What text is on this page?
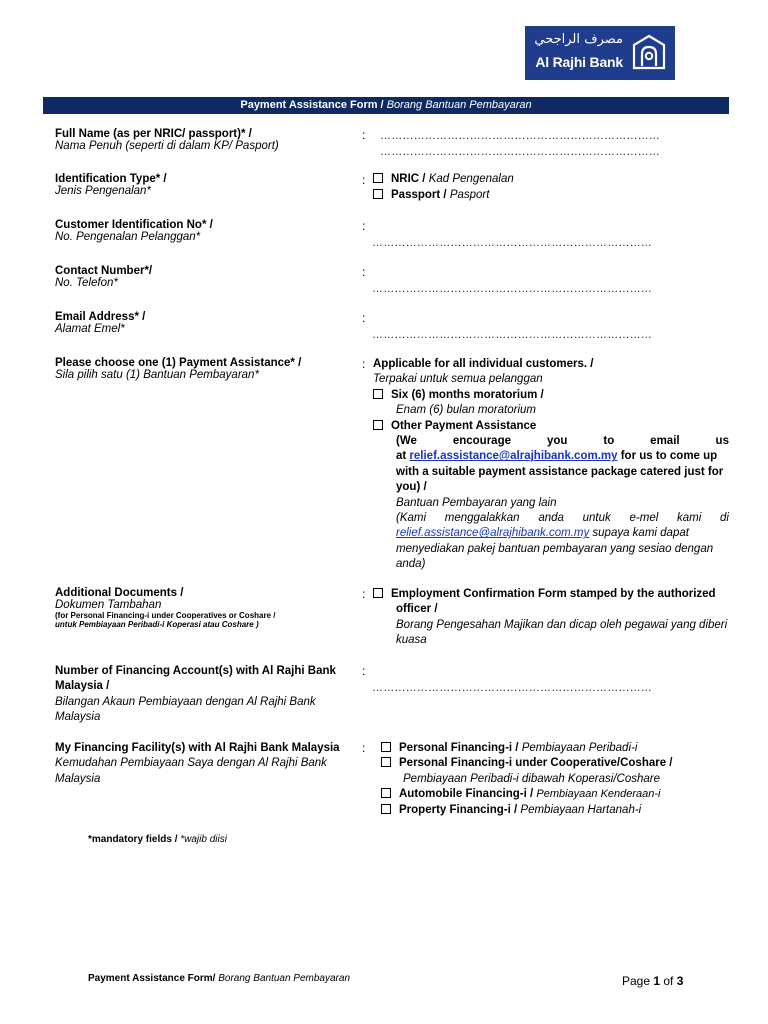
مصرف الراجحي
Al Rajhi Bank
Payment Assistance Form / Borang Bantuan Pembayaran
Full Name (as per NRIC/ passport)* /
Nama Penuh (seperti di dalam KP/ Pasport)
: …………………………………………………………………
…………………………………………………………………
Identification Type* /
Jenis Pengenalan*
:	NRIC / Kad Pengenalan
Passport / Pasport
Customer Identification No* /
No. Pengenalan Pelanggan*
:
…………………………………………………………………
Contact Number*/
No. Telefon*
:
…………………………………………………………………
Email Address* /
Alamat Emel*
:
…………………………………………………………………
Please choose one (1) Payment Assistance* /
Sila pilih satu (1) Bantuan Pembayaran*
: Applicable for all individual customers. /
Terpakai untuk semua pelanggan
Six (6) months moratorium /
Enam (6) bulan moratorium
Other Payment Assistance
(We	encourage	you	to	email	us
at relief.assistance@alrajhibank.com.my for us to come up
with a suitable payment assistance package catered just for
you) /
Bantuan Pembayaran yang lain
(Kami menggalakkan anda untuk e-mel kami di
relief.assistance@alrajhibank.com.my supaya kami dapat
menyediakan pakej bantuan pembayaran yang sesiao dengan
anda)
Additional Documents /
Dokumen Tambahan
(for Personal Financing-i under Cooperatives or Coshare /
untuk Pembiayaan Peribadi-i Koperasi atau Coshare )
:	Employment Confirmation Form stamped by the authorized
officer /
Borang Pengesahan Majikan dan dicap oleh pegawai yang diberi
kuasa
Number of Financing Account(s) with Al Rajhi Bank
Malaysia /
Bilangan Akaun Pembiayaan dengan Al Rajhi Bank
Malaysia
:
…………………………………………………………………
My Financing Facility(s) with Al Rajhi Bank Malaysia
Kemudahan Pembiayaan Saya dengan Al Rajhi Bank
Malaysia
:	Personal Financing-i / Pembiayaan Peribadi-i
Personal Financing-i under Cooperative/Coshare /
Pembiayaan Peribadi-i dibawah Koperasi/Coshare
Automobile Financing-i / Pembiayaan Kenderaan-i
Property Financing-i / Pembiayaan Hartanah-i
*mandatory fields / *wajib diisi
Payment Assistance Form/ Borang Bantuan Pembayaran	Page 1 of 3
